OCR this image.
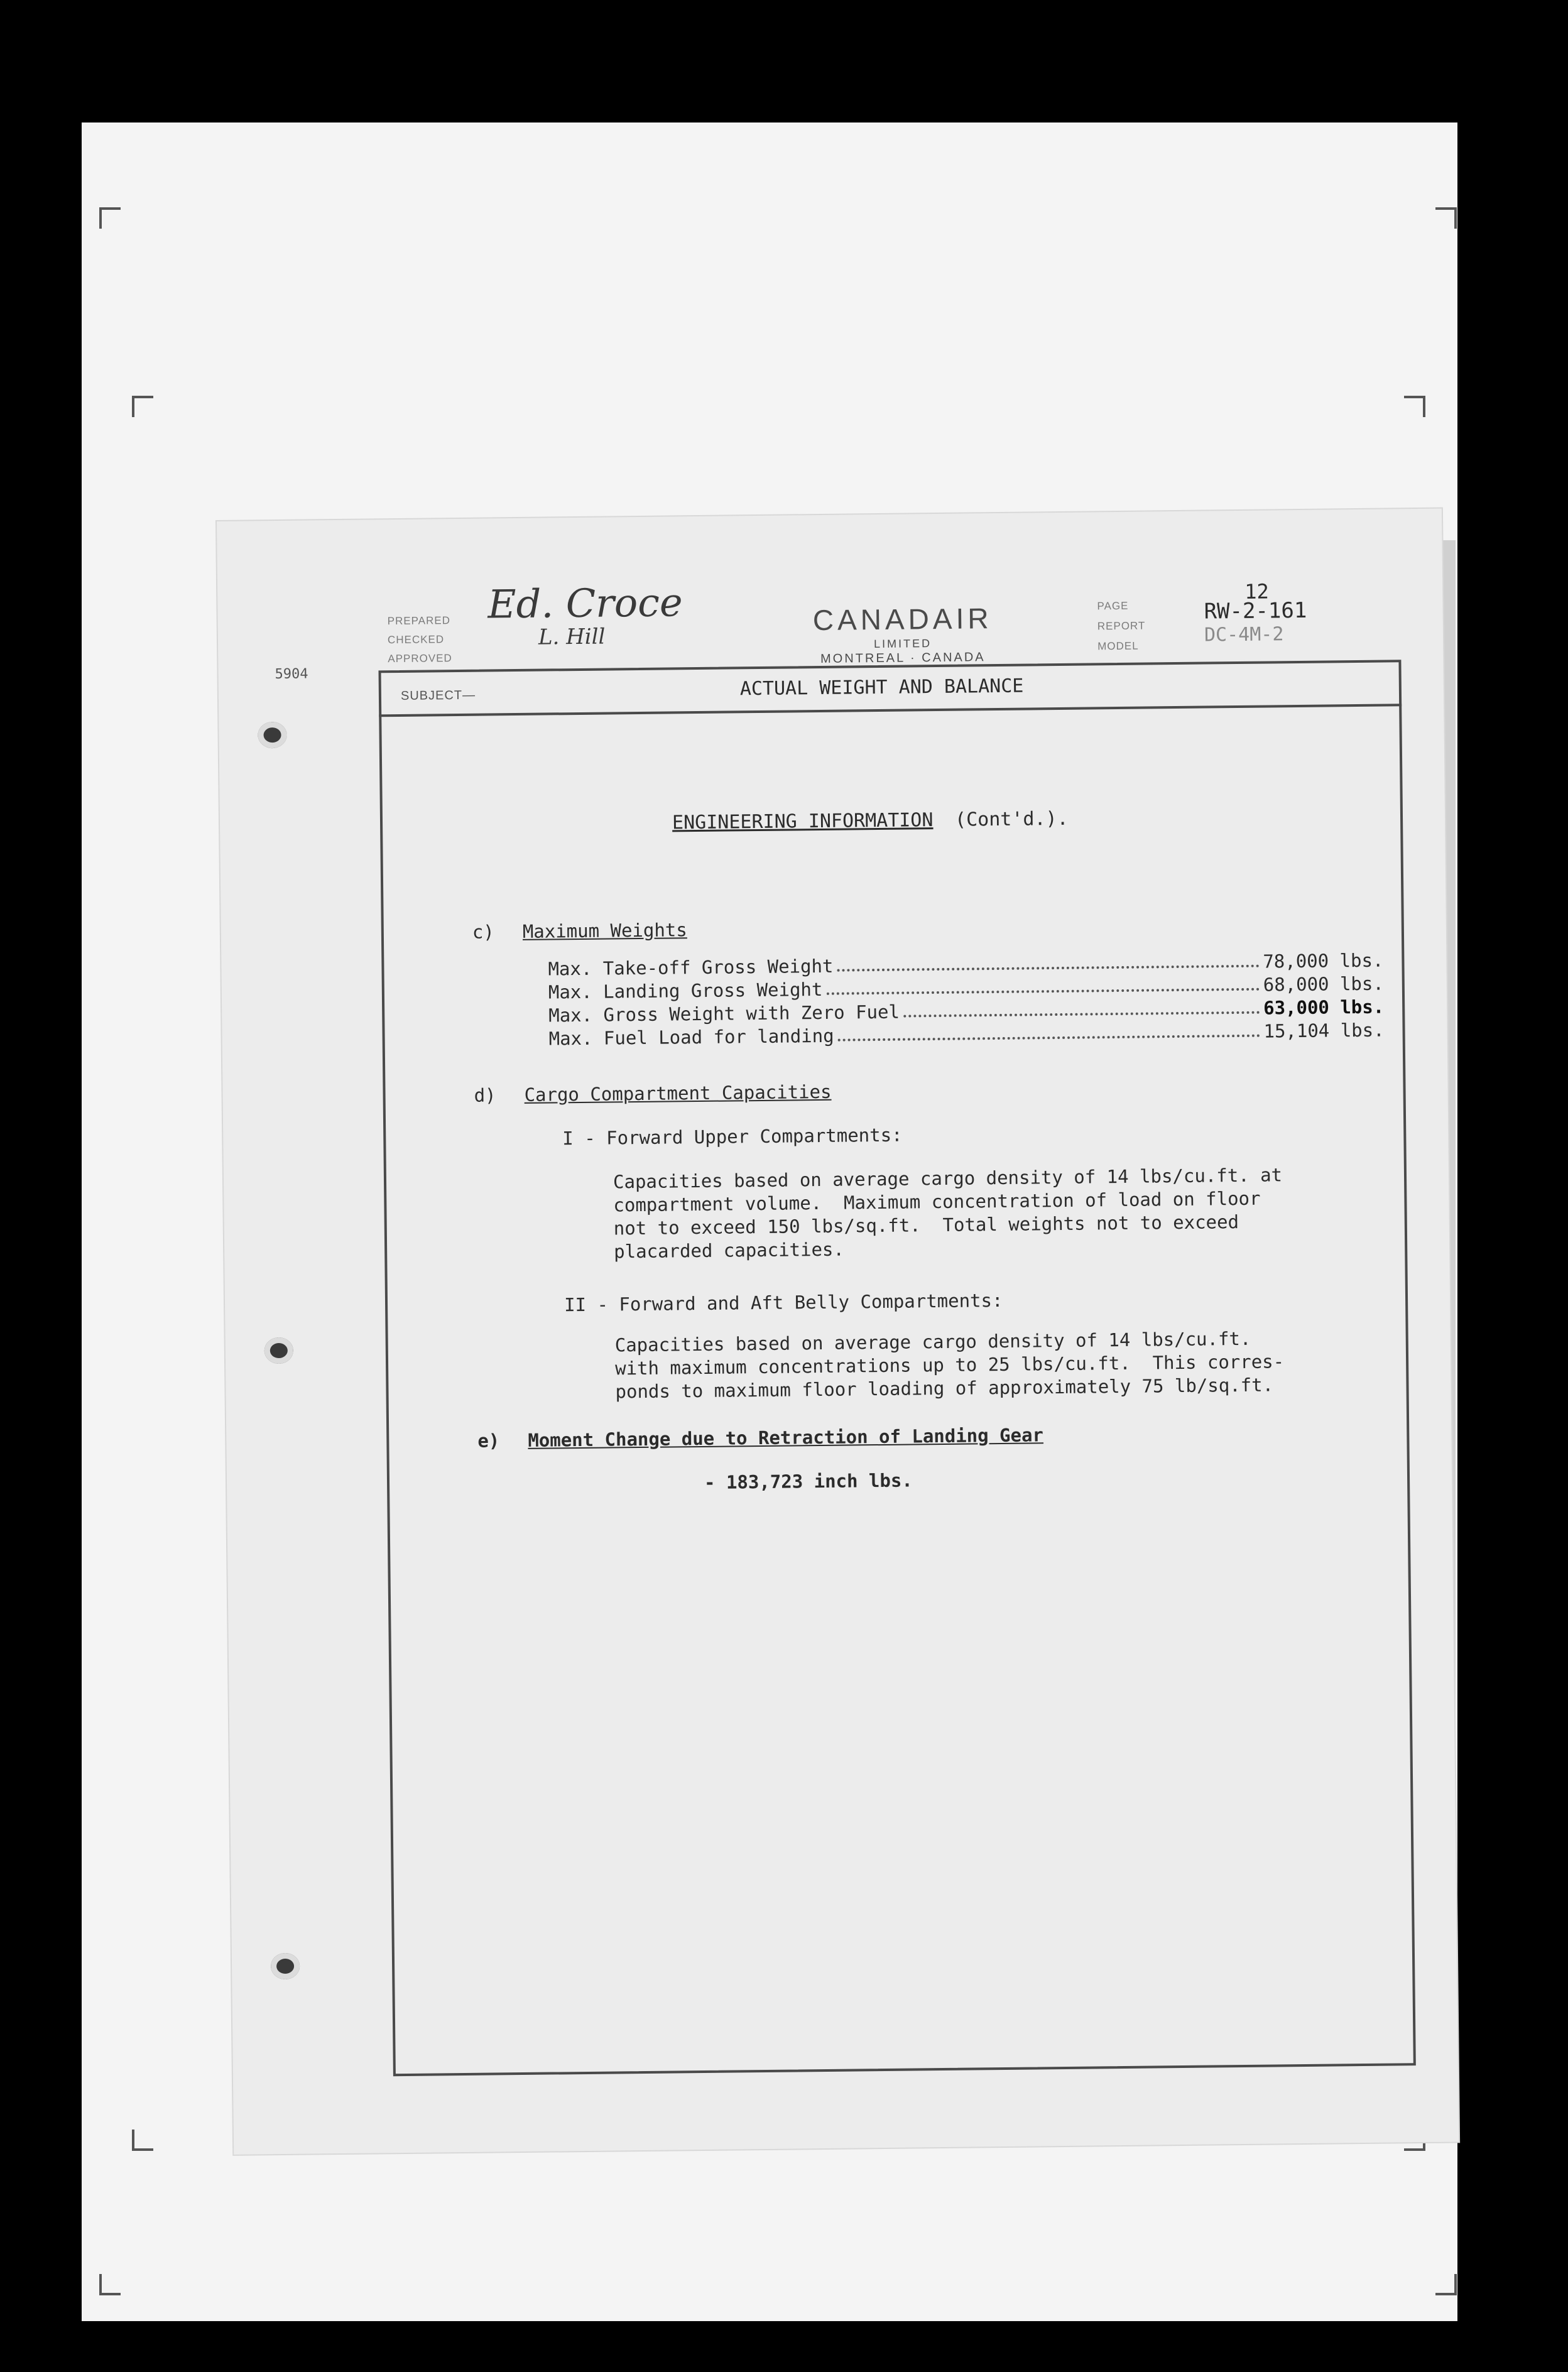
PREPARED
CHECKED
APPROVED
5904
Ed. Croce
L. Hill
CANADAIR
LIMITED
MONTREAL · CANADA
PAGE
REPORT
MODEL
12
RW-2-161
DC-4M-2
SUBJECT—	ACTUAL WEIGHT AND BALANCE
ENGINEERING INFORMATION (Cont'd.).
c) Maximum Weights
Max. Take-off Gross Weight	78,000 lbs.
Max. Landing Gross Weight	68,000 lbs.
Max. Gross Weight with Zero Fuel	63,000 lbs.
Max. Fuel Load for landing	15,104 lbs.
d) Cargo Compartment Capacities
I - Forward Upper Compartments:
Capacities based on average cargo density of 14 lbs/cu.ft. at
compartment volume.  Maximum concentration of load on floor
not to exceed 150 lbs/sq.ft.  Total weights not to exceed
placarded capacities.
II - Forward and Aft Belly Compartments:
Capacities based on average cargo density of 14 lbs/cu.ft.
with maximum concentrations up to 25 lbs/cu.ft.  This corres-
ponds to maximum floor loading of approximately 75 lb/sq.ft.
e) Moment Change due to Retraction of Landing Gear
- 183,723 inch lbs.
